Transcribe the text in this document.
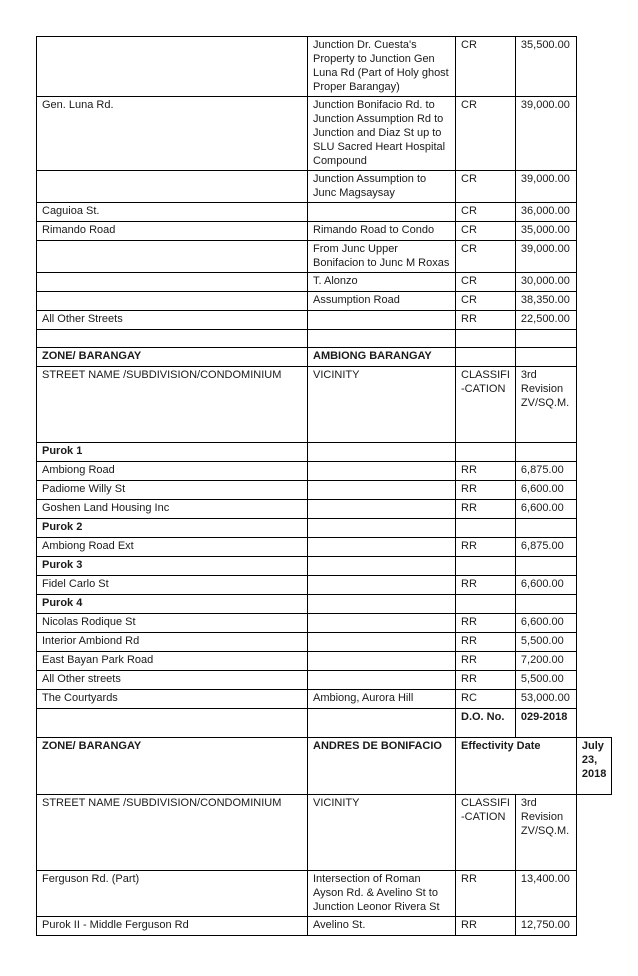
	Junction Dr. Cuesta's Property to Junction Gen Luna Rd (Part of Holy ghost Proper Barangay)	CR	35,500.00	
Gen. Luna Rd.	Junction Bonifacio Rd. to Junction Assumption Rd to Junction and Diaz St up to SLU Sacred Heart Hospital Compound	CR	39,000.00	
	Junction Assumption to Junc Magsaysay	CR	39,000.00	
Caguioa St.		CR	36,000.00	
Rimando Road	Rimando Road to Condo	CR	35,000.00	
	From Junc Upper Bonifacion to Junc M Roxas	CR	39,000.00	
	T. Alonzo	CR	30,000.00	
	Assumption Road	CR	38,350.00	
All Other Streets		RR	22,500.00	

ZONE/ BARANGAY	AMBIONG BARANGAY			
STREET NAME /SUBDIVISION/CONDOMINIUM	VICINITY	CLASSIFI -CATION	3rd Revision ZV/SQ.M.	
Purok 1				
Ambiong Road		RR	6,875.00	
Padiome Willy St		RR	6,600.00	
Goshen Land Housing Inc		RR	6,600.00	
Purok 2				
Ambiong Road Ext		RR	6,875.00	
Purok 3				
Fidel Carlo St		RR	6,600.00	
Purok 4				
Nicolas Rodique St		RR	6,600.00	
Interior Ambiond Rd		RR	5,500.00	
East Bayan Park Road		RR	7,200.00	
All Other streets		RR	5,500.00	
The Courtyards	Ambiong, Aurora Hill	RC	53,000.00	
		D.O. No.	029-2018	
ZONE/ BARANGAY	ANDRES DE BONIFACIO	Effectivity Date		July 23, 2018
STREET NAME /SUBDIVISION/CONDOMINIUM	VICINITY	CLASSIFI -CATION	3rd Revision ZV/SQ.M.	
Ferguson Rd. (Part)	Intersection of Roman Ayson Rd. & Avelino St to Junction Leonor Rivera St	RR	13,400.00	
Purok II - Middle Ferguson Rd	Avelino St.	RR	12,750.00	
